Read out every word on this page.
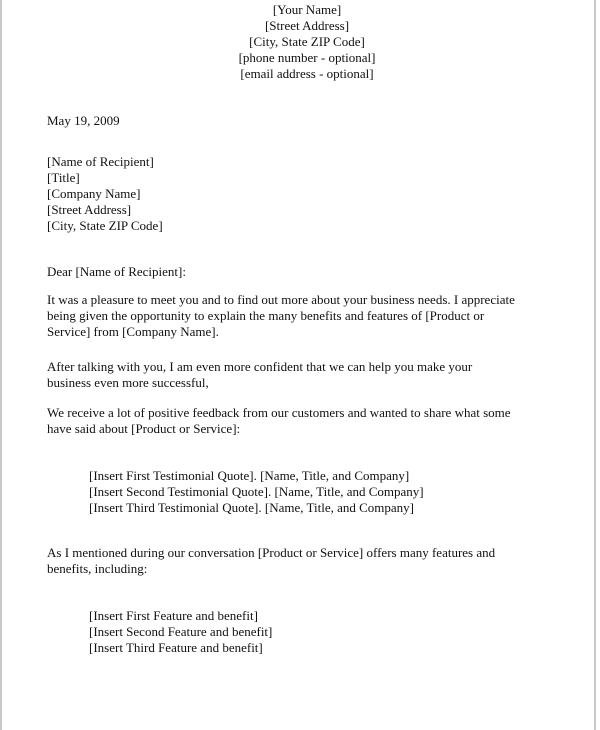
[Your Name]
[Street Address]
[City, State ZIP Code]
[phone number - optional]
[email address - optional]
May 19, 2009
[Name of Recipient]
[Title]
[Company Name]
[Street Address]
[City, State ZIP Code]
Dear [Name of Recipient]:
It was a pleasure to meet you and to find out more about your business needs. I appreciate
being given the opportunity to explain the many benefits and features of [Product or
Service] from [Company Name].
After talking with you, I am even more confident that we can help you make your
business even more successful,
We receive a lot of positive feedback from our customers and wanted to share what some
have said about [Product or Service]:
[Insert First Testimonial Quote]. [Name, Title, and Company]
[Insert Second Testimonial Quote]. [Name, Title, and Company]
[Insert Third Testimonial Quote]. [Name, Title, and Company]
As I mentioned during our conversation [Product or Service] offers many features and
benefits, including:
[Insert First Feature and benefit]
[Insert Second Feature and benefit]
[Insert Third Feature and benefit]
